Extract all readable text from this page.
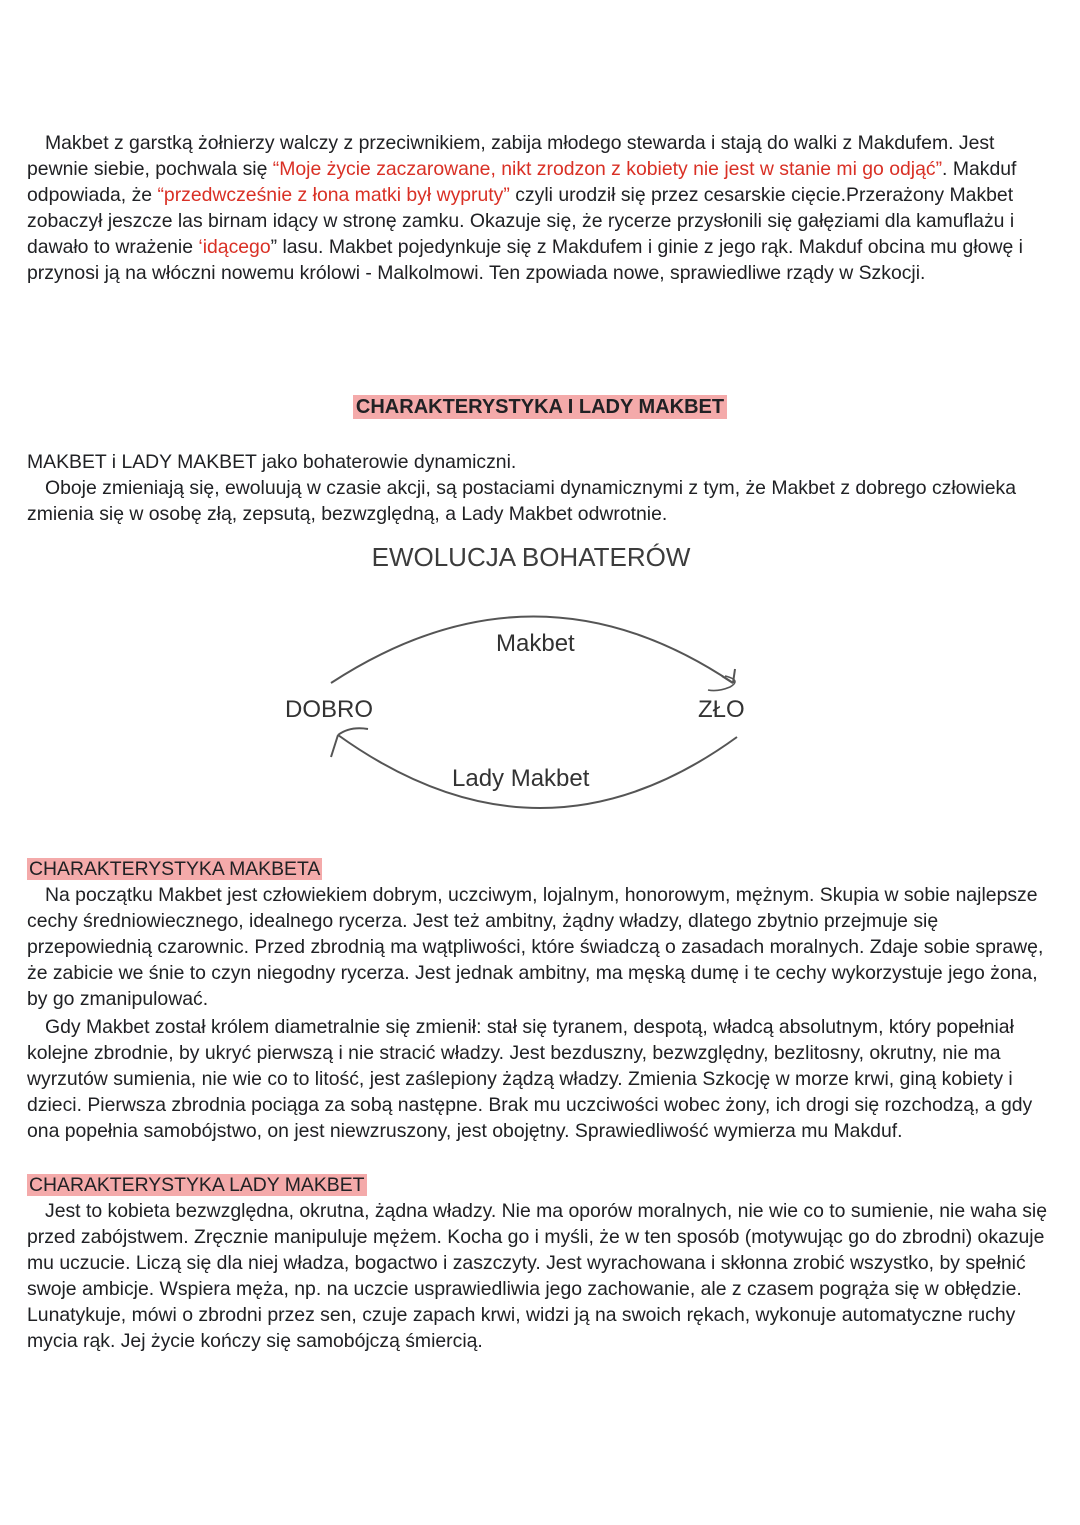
Makbet z garstką żołnierzy walczy z przeciwnikiem, zabija młodego stewarda i stają do walki z Makdufem. Jest pewnie siebie, pochwala się “Moje życie zaczarowane, nikt zrodzon z kobiety nie jest w stanie mi go odjąć”. Makduf odpowiada, że “przedwcześnie z łona matki był wypruty” czyli urodził się przez cesarskie cięcie.Przerażony Makbet zobaczył jeszcze las birnam idący w stronę zamku. Okazuje się, że rycerze przysłonili się gałęziami dla kamuflażu i dawało to wrażenie ‘idącego” lasu. Makbet pojedynkuje się z Makdufem i ginie z jego rąk. Makduf obcina mu głowę i przynosi ją na włóczni nowemu królowi - Malkolmowi. Ten zpowiada nowe, sprawiedliwe rządy w Szkocji.

CHARAKTERYSTYKA I LADY MAKBET

MAKBET i LADY MAKBET jako bohaterowie dynamiczni.
Oboje zmieniają się, ewoluują w czasie akcji, są postaciami dynamicznymi z tym, że Makbet z dobrego człowieka zmienia się w osobę złą, zepsutą, bezwzględną, a Lady Makbet odwrotnie.

EWOLUCJA BOHATERÓW
DOBRO	ZŁO
Makbet
Lady Makbet
CHARAKTERYSTYKA MAKBETA

Na początku Makbet jest człowiekiem dobrym, uczciwym, lojalnym, honorowym, mężnym. Skupia w sobie najlepsze cechy średniowiecznego, idealnego rycerza. Jest też ambitny, żądny władzy, dlatego zbytnio przejmuje się przepowiednią czarownic. Przed zbrodnią ma wątpliwości, które świadczą o zasadach moralnych. Zdaje sobie sprawę, że zabicie we śnie to czyn niegodny rycerza. Jest jednak ambitny, ma męską dumę i te cechy wykorzystuje jego żona, by go zmanipulować.

Gdy Makbet został królem diametralnie się zmienił: stał się tyranem, despotą, władcą absolutnym, który popełniał kolejne zbrodnie, by ukryć pierwszą i nie stracić władzy. Jest bezduszny, bezwzględny, bezlitosny, okrutny, nie ma wyrzutów sumienia, nie wie co to litość, jest zaślepiony żądzą władzy. Zmienia Szkocję w morze krwi, giną kobiety i dzieci. Pierwsza zbrodnia pociąga za sobą następne. Brak mu uczciwości wobec żony, ich drogi się rozchodzą, a gdy ona popełnia samobójstwo, on jest niewzruszony, jest obojętny. Sprawiedliwość wymierza mu Makduf.

CHARAKTERYSTYKA LADY MAKBET

Jest to kobieta bezwzględna, okrutna, żądna władzy. Nie ma oporów moralnych, nie wie co to sumienie, nie waha się przed zabójstwem. Zręcznie manipuluje mężem. Kocha go i myśli, że w ten sposób (motywując go do zbrodni) okazuje mu uczucie. Liczą się dla niej władza, bogactwo i zaszczyty. Jest wyrachowana i skłonna zrobić wszystko, by spełnić swoje ambicje. Wspiera męża, np. na uczcie usprawiedliwia jego zachowanie, ale z czasem pogrąża się w obłędzie. Lunatykuje, mówi o zbrodni przez sen, czuje zapach krwi, widzi ją na swoich rękach, wykonuje automatyczne ruchy mycia rąk. Jej życie kończy się samobójczą śmiercią.
